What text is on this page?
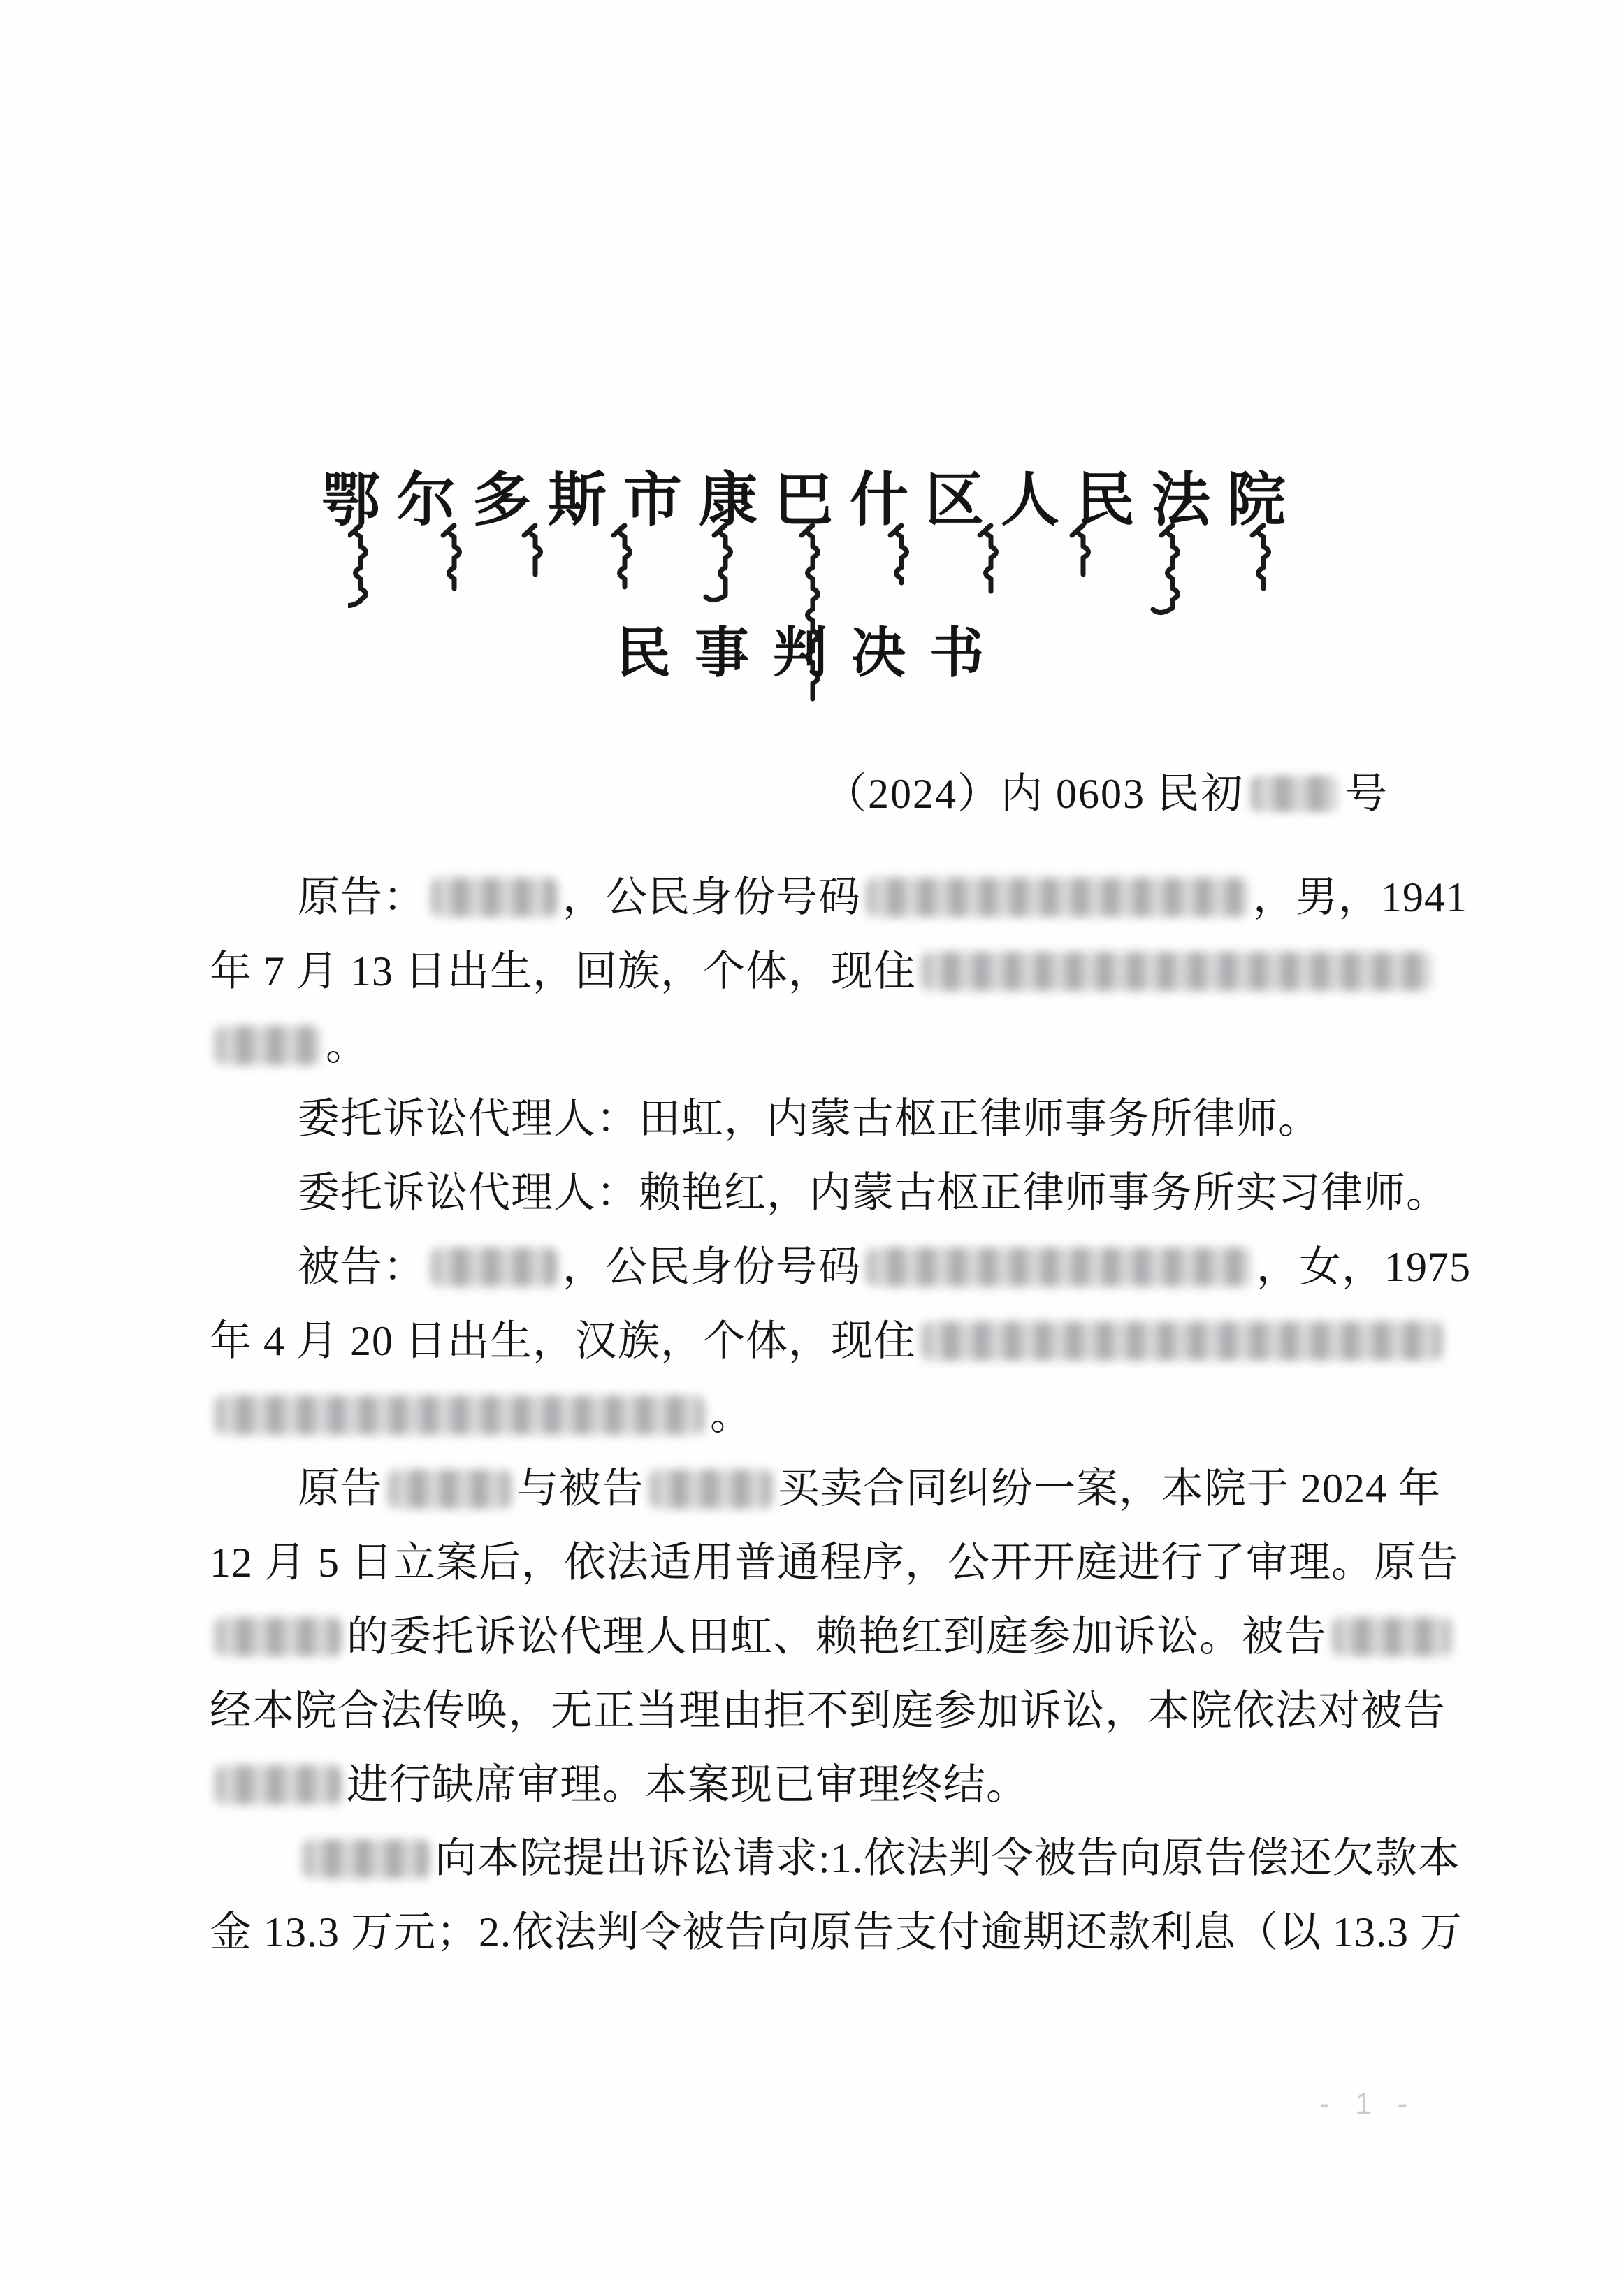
鄂尔多斯市康巴什区人民法院
民事判决书
（2024）内 0603 民初 号
原告：	，公民身份号码	，男，1941
年 7 月 13 日出生，回族，个体，现住
。
委托诉讼代理人：田虹，内蒙古枢正律师事务所律师。
委托诉讼代理人：赖艳红，内蒙古枢正律师事务所实习律师。
被告：	，公民身份号码	，女，1975
年 4 月 20 日出生，汉族，个体，现住
。
原告	与被告	买卖合同纠纷一案，本院于 2024 年
12 月 5 日立案后，依法适用普通程序，公开开庭进行了审理。原告
的委托诉讼代理人田虹、赖艳红到庭参加诉讼。被告
经本院合法传唤，无正当理由拒不到庭参加诉讼，本院依法对被告
进行缺席审理。本案现已审理终结。
向本院提出诉讼请求:1.依法判令被告向原告偿还欠款本
金 13.3 万元；2.依法判令被告向原告支付逾期还款利息（以 13.3 万
- 1 -
